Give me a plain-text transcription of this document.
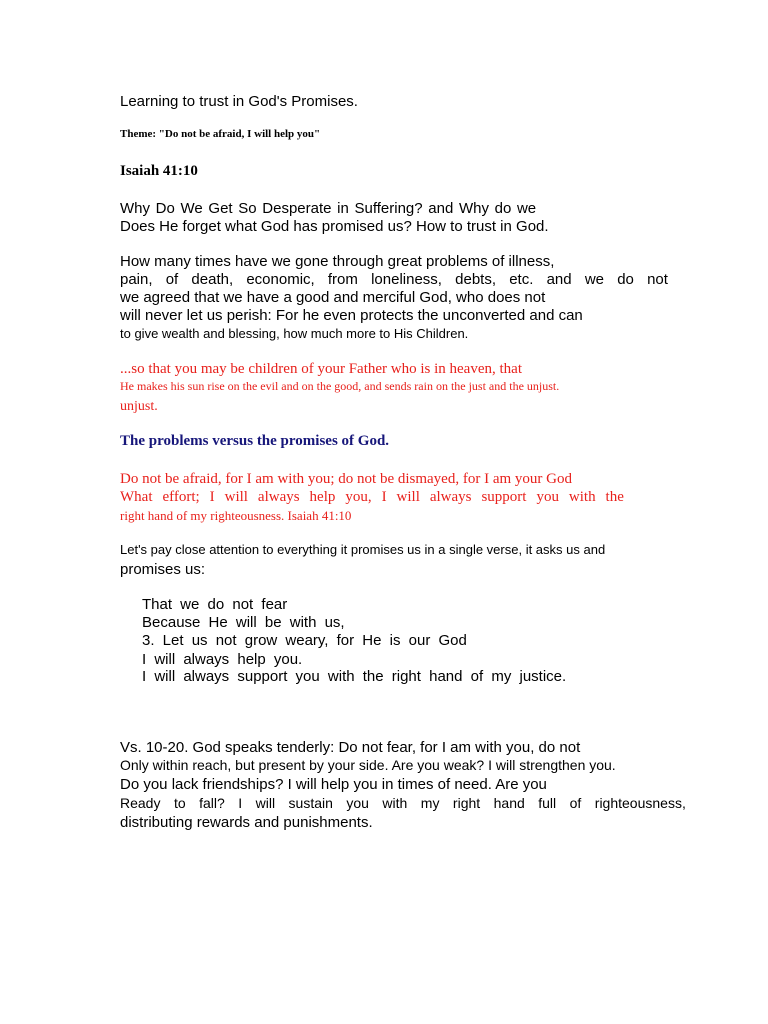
Learning to trust in God's Promises.
Theme: "Do not be afraid, I will help you"
Isaiah 41:10
Why Do We Get So Desperate in Suffering? and Why do we
Does He forget what God has promised us? How to trust in God.
How many times have we gone through great problems of illness,
pain, of death, economic, from loneliness, debts, etc. and we do not
we agreed that we have a good and merciful God, who does not
will never let us perish: For he even protects the unconverted and can
to give wealth and blessing, how much more to His Children.
...so that you may be children of your Father who is in heaven, that
He makes his sun rise on the evil and on the good, and sends rain on the just and the unjust.
unjust.
The problems versus the promises of God.
Do not be afraid, for I am with you; do not be dismayed, for I am your God
What effort; I will always help you, I will always support you with the
right hand of my righteousness. Isaiah 41:10
Let's pay close attention to everything it promises us in a single verse, it asks us and
promises us:
That we do not fear
Because He will be with us,
3. Let us not grow weary, for He is our God
I will always help you.
I will always support you with the right hand of my justice.
Vs. 10-20. God speaks tenderly: Do not fear, for I am with you, do not
Only within reach, but present by your side. Are you weak? I will strengthen you.
Do you lack friendships? I will help you in times of need. Are you
Ready to fall? I will sustain you with my right hand full of righteousness,
distributing rewards and punishments.
